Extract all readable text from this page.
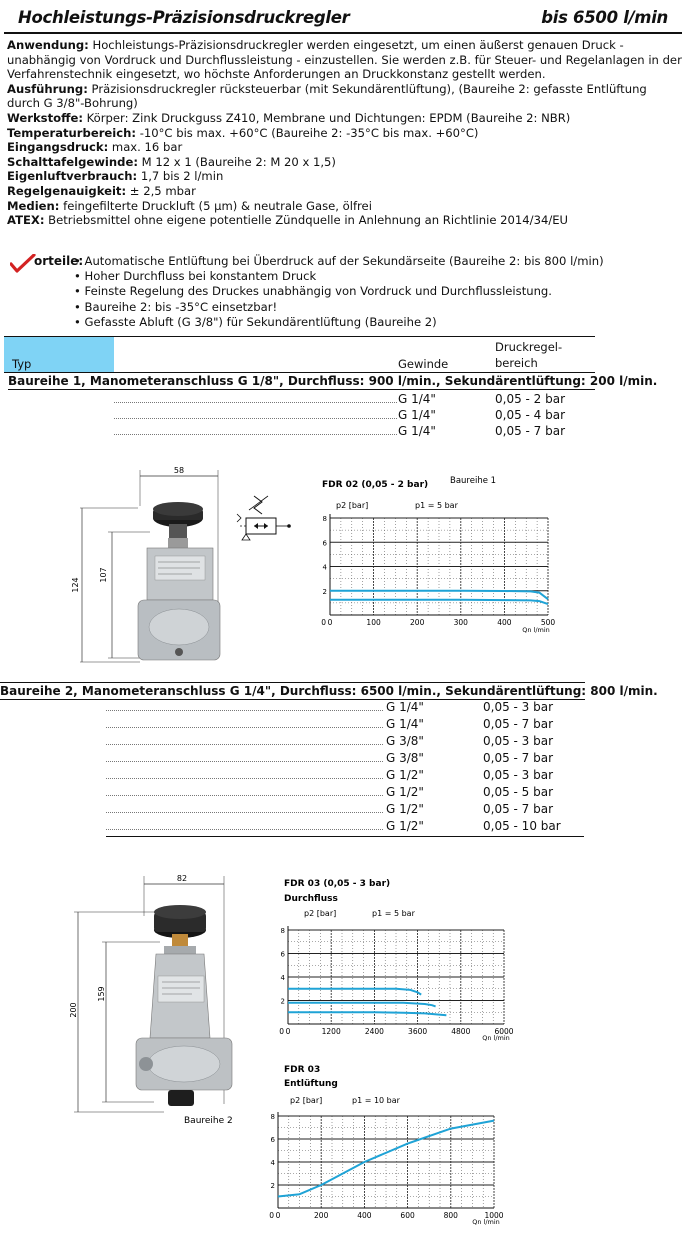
Hochleistungs-Präzisionsdruckregler	bis 6500 l/min
Anwendung: Hochleistungs-Präzisionsdruckregler werden eingesetzt, um einen äußerst genauen Druck - unabhängig von Vordruck und Durchflussleistung - einzustellen. Sie werden z.B. für Steuer- und Regelanlagen in der Verfahrenstechnik eingesetzt, wo höchste Anforderungen an Druckkonstanz gestellt werden.
Ausführung: Präzisionsdruckregler rücksteuerbar (mit Sekundärentlüftung), (Baureihe 2: gefasste Entlüftung durch G 3/8"-Bohrung)
Werkstoffe: Körper: Zink Druckguss Z410, Membrane und Dichtungen: EPDM (Baureihe 2: NBR)
Temperaturbereich: -10°C bis max. +60°C (Baureihe 2: -35°C bis max. +60°C)
Eingangsdruck: max. 16 bar
Schalttafelgewinde: M 12 x 1 (Baureihe 2: M 20 x 1,5)
Eigenluftverbrauch: 1,7 bis 2 l/min
Regelgenauigkeit: ± 2,5 mbar
Medien: feingefilterte Druckluft (5 µm) & neutrale Gase, ölfrei
ATEX: Betriebsmittel ohne eigene potentielle Zündquelle in Anlehnung an Richtlinie 2014/34/EU
orteile:
• Automatische Entlüftung bei Überdruck auf der Sekundärseite (Baureihe 2: bis 800 l/min)
• Hoher Durchfluss bei konstantem Druck
• Feinste Regelung des Druckes unabhängig von Vordruck und Durchflussleistung.
• Baureihe 2: bis -35°C einsetzbar!
• Gefasste Abluft (G 3/8") für Sekundärentlüftung (Baureihe 2)
Typ	Gewinde
Druckregel-
bereich
Baureihe 1, Manometeranschluss G 1/8", Durchfluss: 900 l/min., Sekundärentlüftung: 200 l/min.
G 1/4"	0,05 - 2 bar
G 1/4"	0,05 - 4 bar
G 1/4"	0,05 - 7 bar
58
124
107
FDR 02 (0,05 - 2 bar)	Baureihe 1
p2 [bar]	p1 = 5 bar
Qn l/min
0	100	200	300	400	500
0
2
4
6
8
Baureihe 2, Manometeranschluss G 1/4", Durchfluss: 6500 l/min., Sekundärentlüftung: 800 l/min.
G 1/4"	0,05 - 3 bar
G 1/4"	0,05 - 7 bar
G 3/8"	0,05 - 3 bar
G 3/8"	0,05 - 7 bar
G 1/2"	0,05 - 3 bar
G 1/2"	0,05 - 5 bar
G 1/2"	0,05 - 7 bar
G 1/2"	0,05 - 10 bar
82
200
159
Baureihe 2
FDR 03 (0,05 - 3 bar)
Durchfluss
p2 [bar]	p1 = 5 bar
Qn l/min
0	1200	2400	3600	4800	6000
0
2
4
6
8
FDR 03
Entlüftung
p2 [bar]	p1 = 10 bar
Qn l/min
0	200	400	600	800	1000
0
2
4
6
8
